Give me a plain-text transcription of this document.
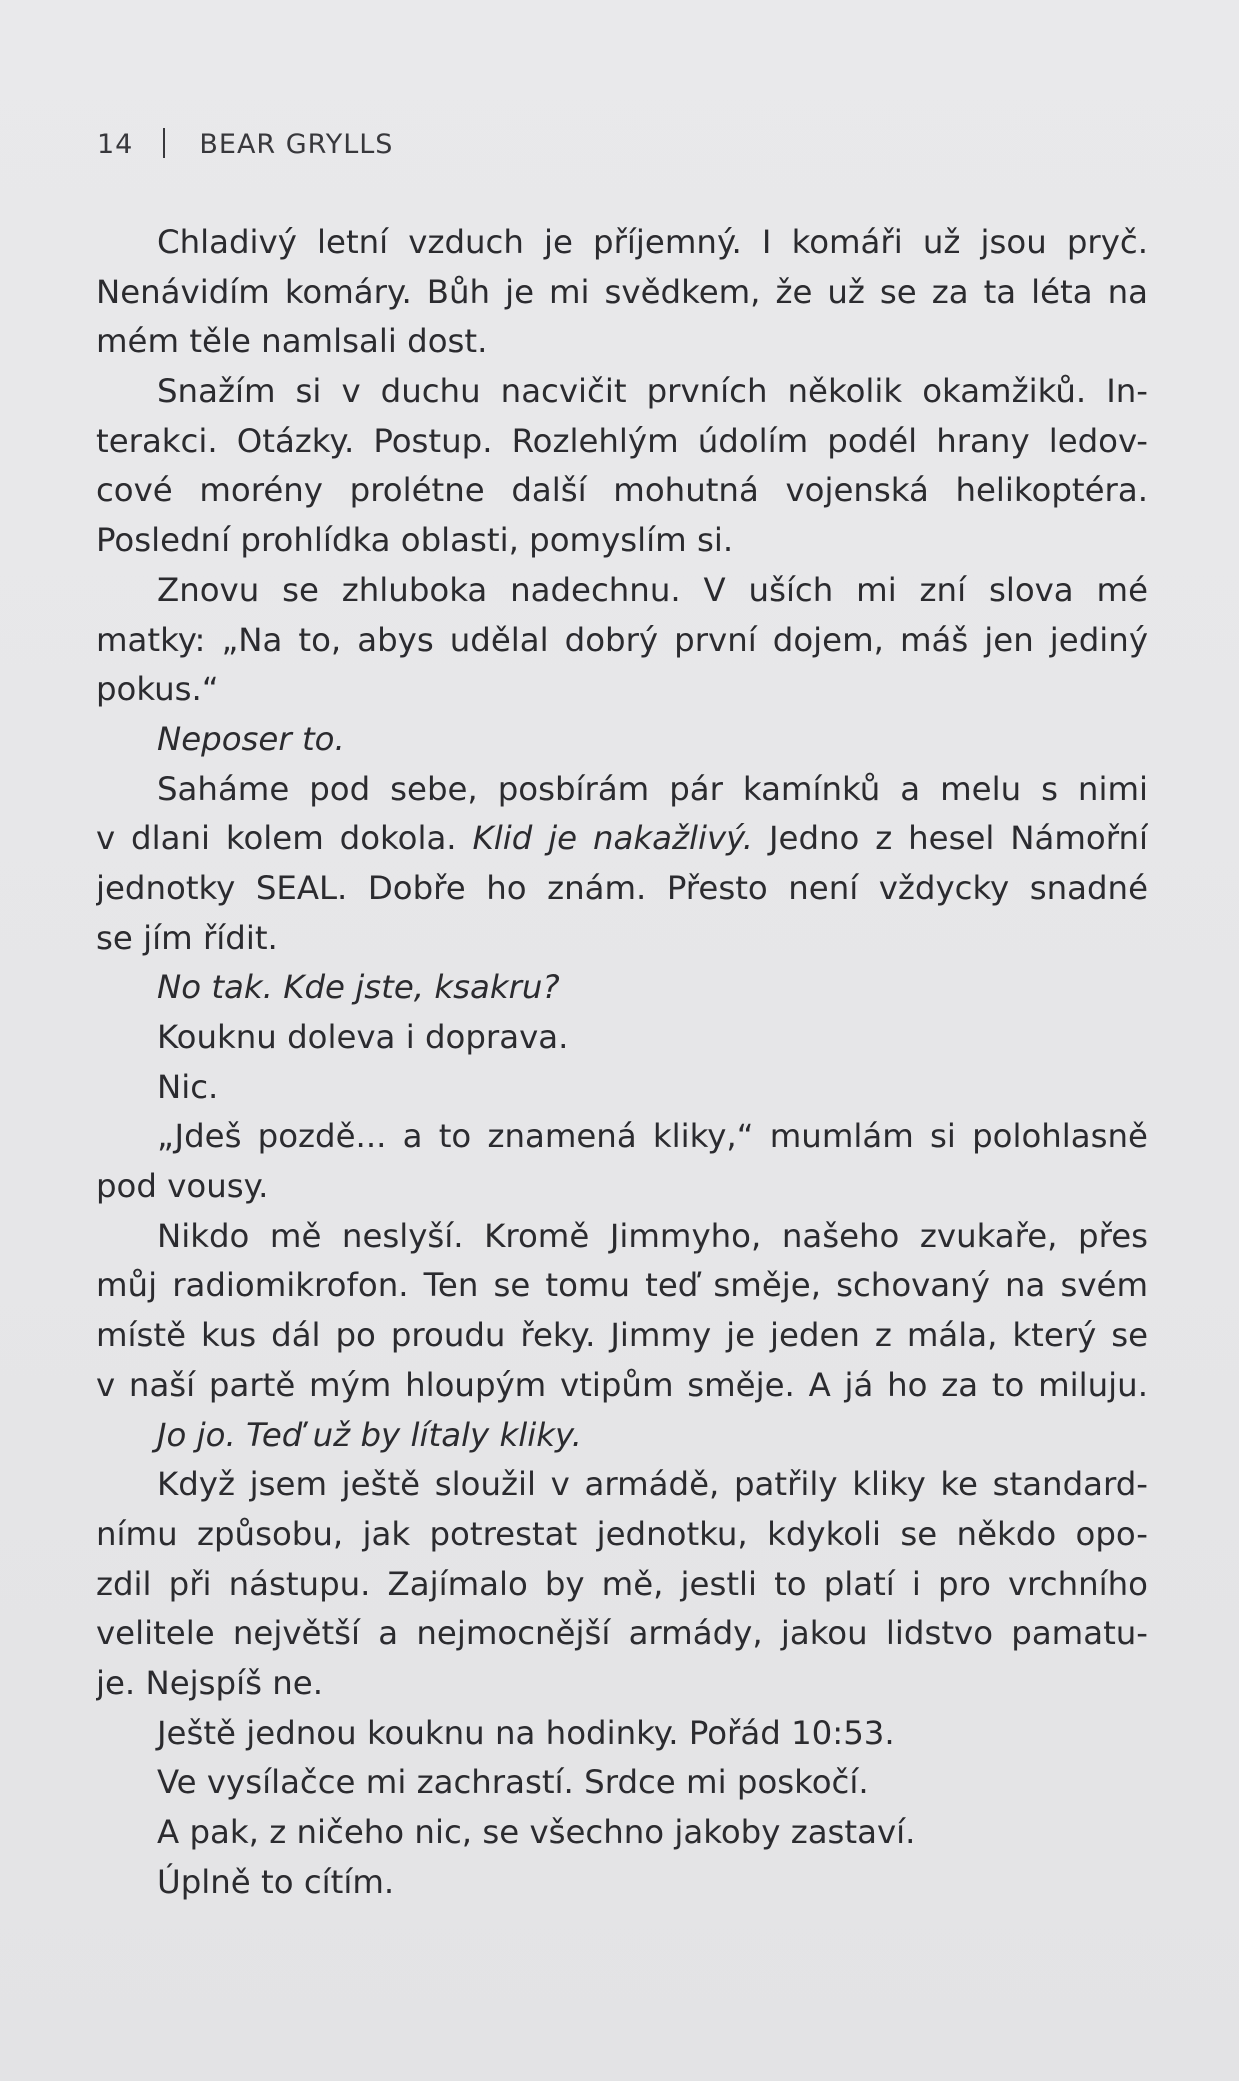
14 BEAR GRYLLS
Chladivý letní vzduch je příjemný. I komáři už jsou pryč.
Nenávidím komáry. Bůh je mi svědkem, že už se za ta léta na
mém těle namlsali dost.
Snažím si v duchu nacvičit prvních několik okamžiků. In-
terakci. Otázky. Postup. Rozlehlým údolím podél hrany ledov-
cové morény prolétne další mohutná vojenská helikoptéra.
Poslední prohlídka oblasti, pomyslím si.
Znovu se zhluboka nadechnu. V uších mi zní slova mé
matky: „Na to, abys udělal dobrý první dojem, máš jen jediný
pokus.“
Neposer to.
Saháme pod sebe, posbírám pár kamínků a melu s nimi
v dlani kolem dokola. Klid je nakažlivý. Jedno z hesel Námořní
jednotky SEAL. Dobře ho znám. Přesto není vždycky snadné
se jím řídit.
No tak. Kde jste, ksakru?
Kouknu doleva i doprava.
Nic.
„Jdeš pozdě... a to znamená kliky,“ mumlám si polohlasně
pod vousy.
Nikdo mě neslyší. Kromě Jimmyho, našeho zvukaře, přes
můj radiomikrofon. Ten se tomu teď směje, schovaný na svém
místě kus dál po proudu řeky. Jimmy je jeden z mála, který se
v naší partě mým hloupým vtipům směje. A já ho za to miluju.
Jo jo. Teď už by lítaly kliky.
Když jsem ještě sloužil v armádě, patřily kliky ke standard-
nímu způsobu, jak potrestat jednotku, kdykoli se někdo opo-
zdil při nástupu. Zajímalo by mě, jestli to platí i pro vrchního
velitele největší a nejmocnější armády, jakou lidstvo pamatu-
je. Nejspíš ne.
Ještě jednou kouknu na hodinky. Pořád 10:53.
Ve vysílačce mi zachrastí. Srdce mi poskočí.
A pak, z ničeho nic, se všechno jakoby zastaví.
Úplně to cítím.
